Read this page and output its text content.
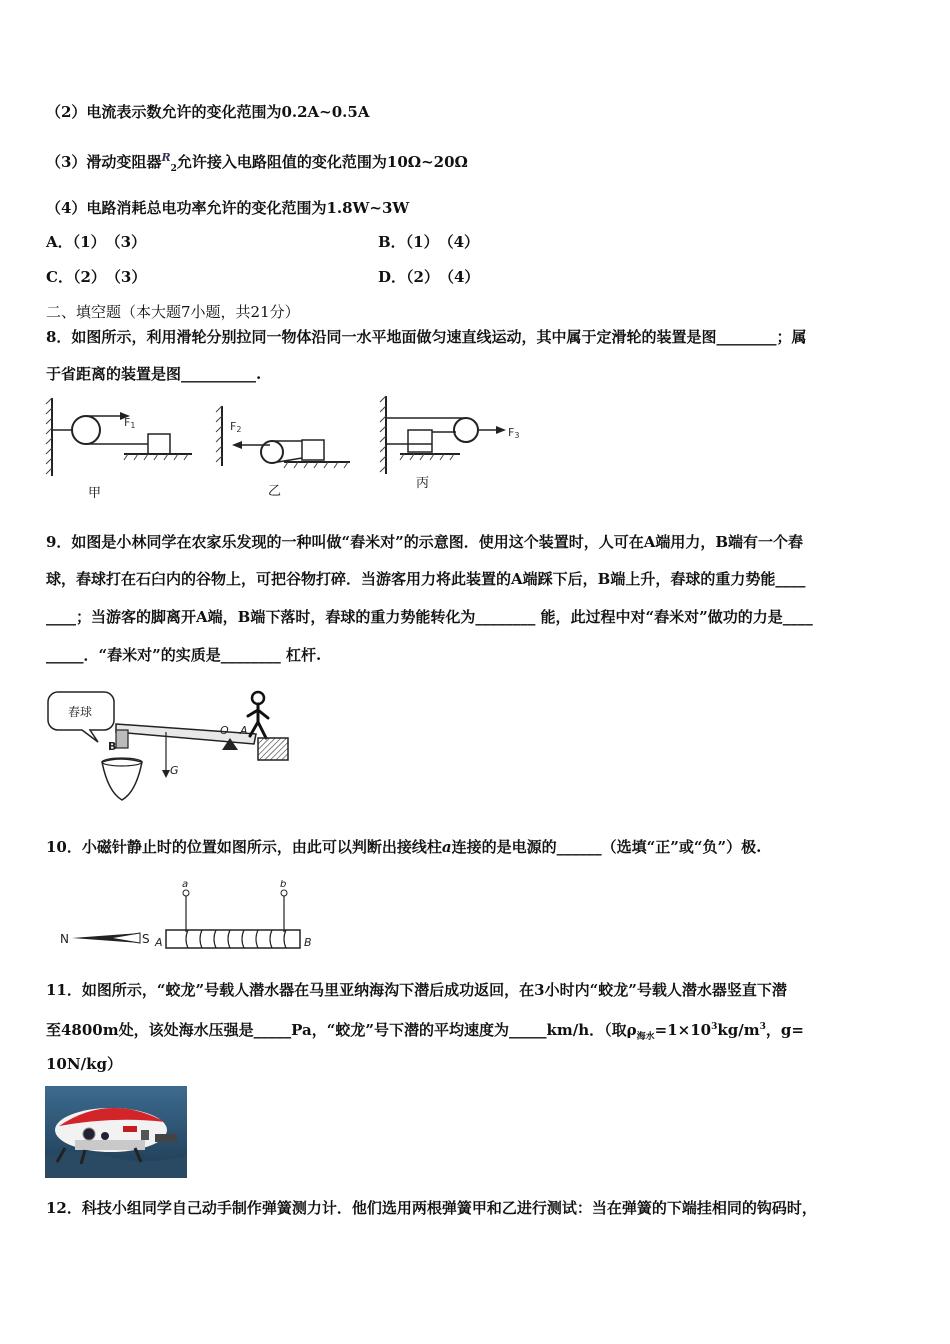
（2）电流表示数允许的变化范围为0.2A~0.5A
（3）滑动变阻器$^R_2$允许接入电路阻值的变化范围为10Ω~20Ω
（4）电路消耗总电功率允许的变化范围为1.8W~3W
A．（1）　（3）	B．（1）　（4）
C．（2）　（3）	D．（2）　（4）
二、填空题（本大题7小题，共21分）
8．如图所示，利用滑轮分别拉同一物体沿同一水平地面做匀速直线运动，其中属于定滑轮的装置是图________；属
于省距离的装置是图__________.
F1	F2	F3
甲	乙
丙
9．如图是小林同学在农家乐发现的一种叫做“舂米对”的示意图．使用这个装置时，人可在A端用力，B端有一个舂
球，舂球打在石臼内的谷物上，可把谷物打碎．当游客用力将此装置的A端踩下后，B端上升，舂球的重力势能____
____；当游客的脚离开A端，B端下落时，舂球的重力势能转化为________ 能，此过程中对“舂米对”做功的力是____
_____．“舂米对”的实质是________ 杠杆.
舂球
B
G
O A
10．小磁针静止时的位置如图所示，由此可以判断出接线柱a连接的是电源的______（选填“正”或“负”）极.
N	S A	B
a	b
11．如图所示，“蛟龙”号载人潜水器在马里亚纳海沟下潜后成功返回，在3小时内“蛟龙”号载人潜水器竖直下潜
至4800m处，该处海水压强是_____Pa，“蛟龙”号下潜的平均速度为_____km/h．（取$\rho_{海水}=1\times 10^3kg/m^3$，g=
10N/kg）
12．科技小组同学自己动手制作弹簧测力计．他们选用两根弹簧甲和乙进行测试：当在弹簧的下端挂相同的钩码时，
